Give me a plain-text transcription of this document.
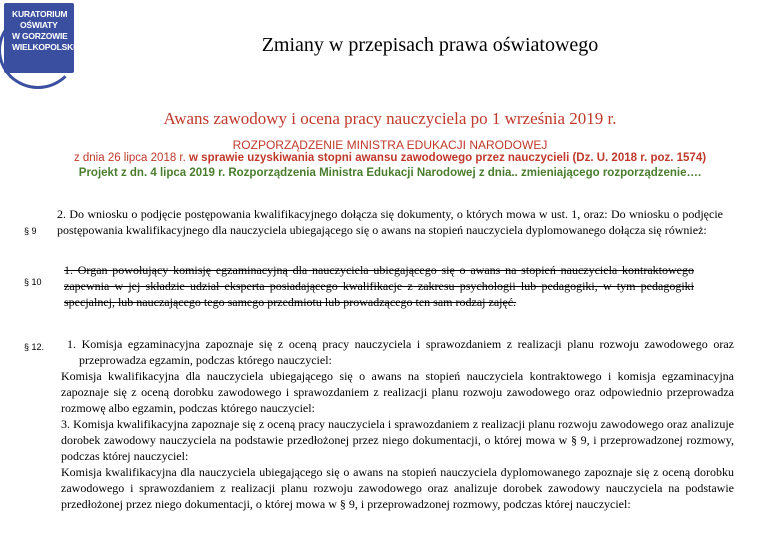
KURATORIUM
OŚWIATY
W GORZOWIE
WIELKOPOLSKIM	Zmiany w przepisach prawa oświatowego
Awans zawodowy i ocena pracy nauczyciela po 1 września 2019 r.
ROZPORZĄDZENIE MINISTRA EDUKACJI NARODOWEJ
z dnia 26 lipca 2018 r. w sprawie uzyskiwania stopni awansu zawodowego przez nauczycieli (Dz. U. 2018 r. poz. 1574)
Projekt z dn. 4 lipca 2019 r. Rozporządzenia Ministra Edukacji Narodowej z dnia.. zmieniającego rozporządzenie….
§ 9

2. Do wniosku o podjęcie postępowania kwalifikacyjnego dołącza się dokumenty, o których mowa w ust. 1, oraz: Do wniosku o podjęcie postępowania kwalifikacyjnego dla nauczyciela ubiegającego się o awans na stopień nauczyciela dyplomowanego dołącza się również:

§ 10

1. Organ powołujący komisję egzaminacyjną dla nauczyciela ubiegającego się o awans na stopień nauczyciela kontraktowego zapewnia w jej składzie udział eksperta posiadającego kwalifikacje z zakresu psychologii lub pedagogiki, w tym pedagogiki specjalnej, lub nauczającego tego samego przedmiotu lub prowadzącego ten sam rodzaj zajęć.

§ 12.	1. Komisja egzaminacyjna zapoznaje się z oceną pracy nauczyciela i sprawozdaniem z realizacji planu rozwoju zawodowego oraz przeprowadza egzamin, podczas którego nauczyciel:

Komisja kwalifikacyjna dla nauczyciela ubiegającego się o awans na stopień nauczyciela kontraktowego i komisja egzaminacyjna zapoznaje się z oceną dorobku zawodowego i sprawozdaniem z realizacji planu rozwoju zawodowego oraz odpowiednio przeprowadza rozmowę albo egzamin, podczas którego nauczyciel:

3. Komisja kwalifikacyjna zapoznaje się z oceną pracy nauczyciela i sprawozdaniem z realizacji planu rozwoju zawodowego oraz analizuje dorobek zawodowy nauczyciela na podstawie przedłożonej przez niego dokumentacji, o której mowa w § 9, i przeprowadzonej rozmowy, podczas której nauczyciel:

Komisja kwalifikacyjna dla nauczyciela ubiegającego się o awans na stopień nauczyciela dyplomowanego zapoznaje się z oceną dorobku zawodowego i sprawozdaniem z realizacji planu rozwoju zawodowego oraz analizuje dorobek zawodowy nauczyciela na podstawie przedłożonej przez niego dokumentacji, o której mowa w § 9, i przeprowadzonej rozmowy, podczas której nauczyciel:
